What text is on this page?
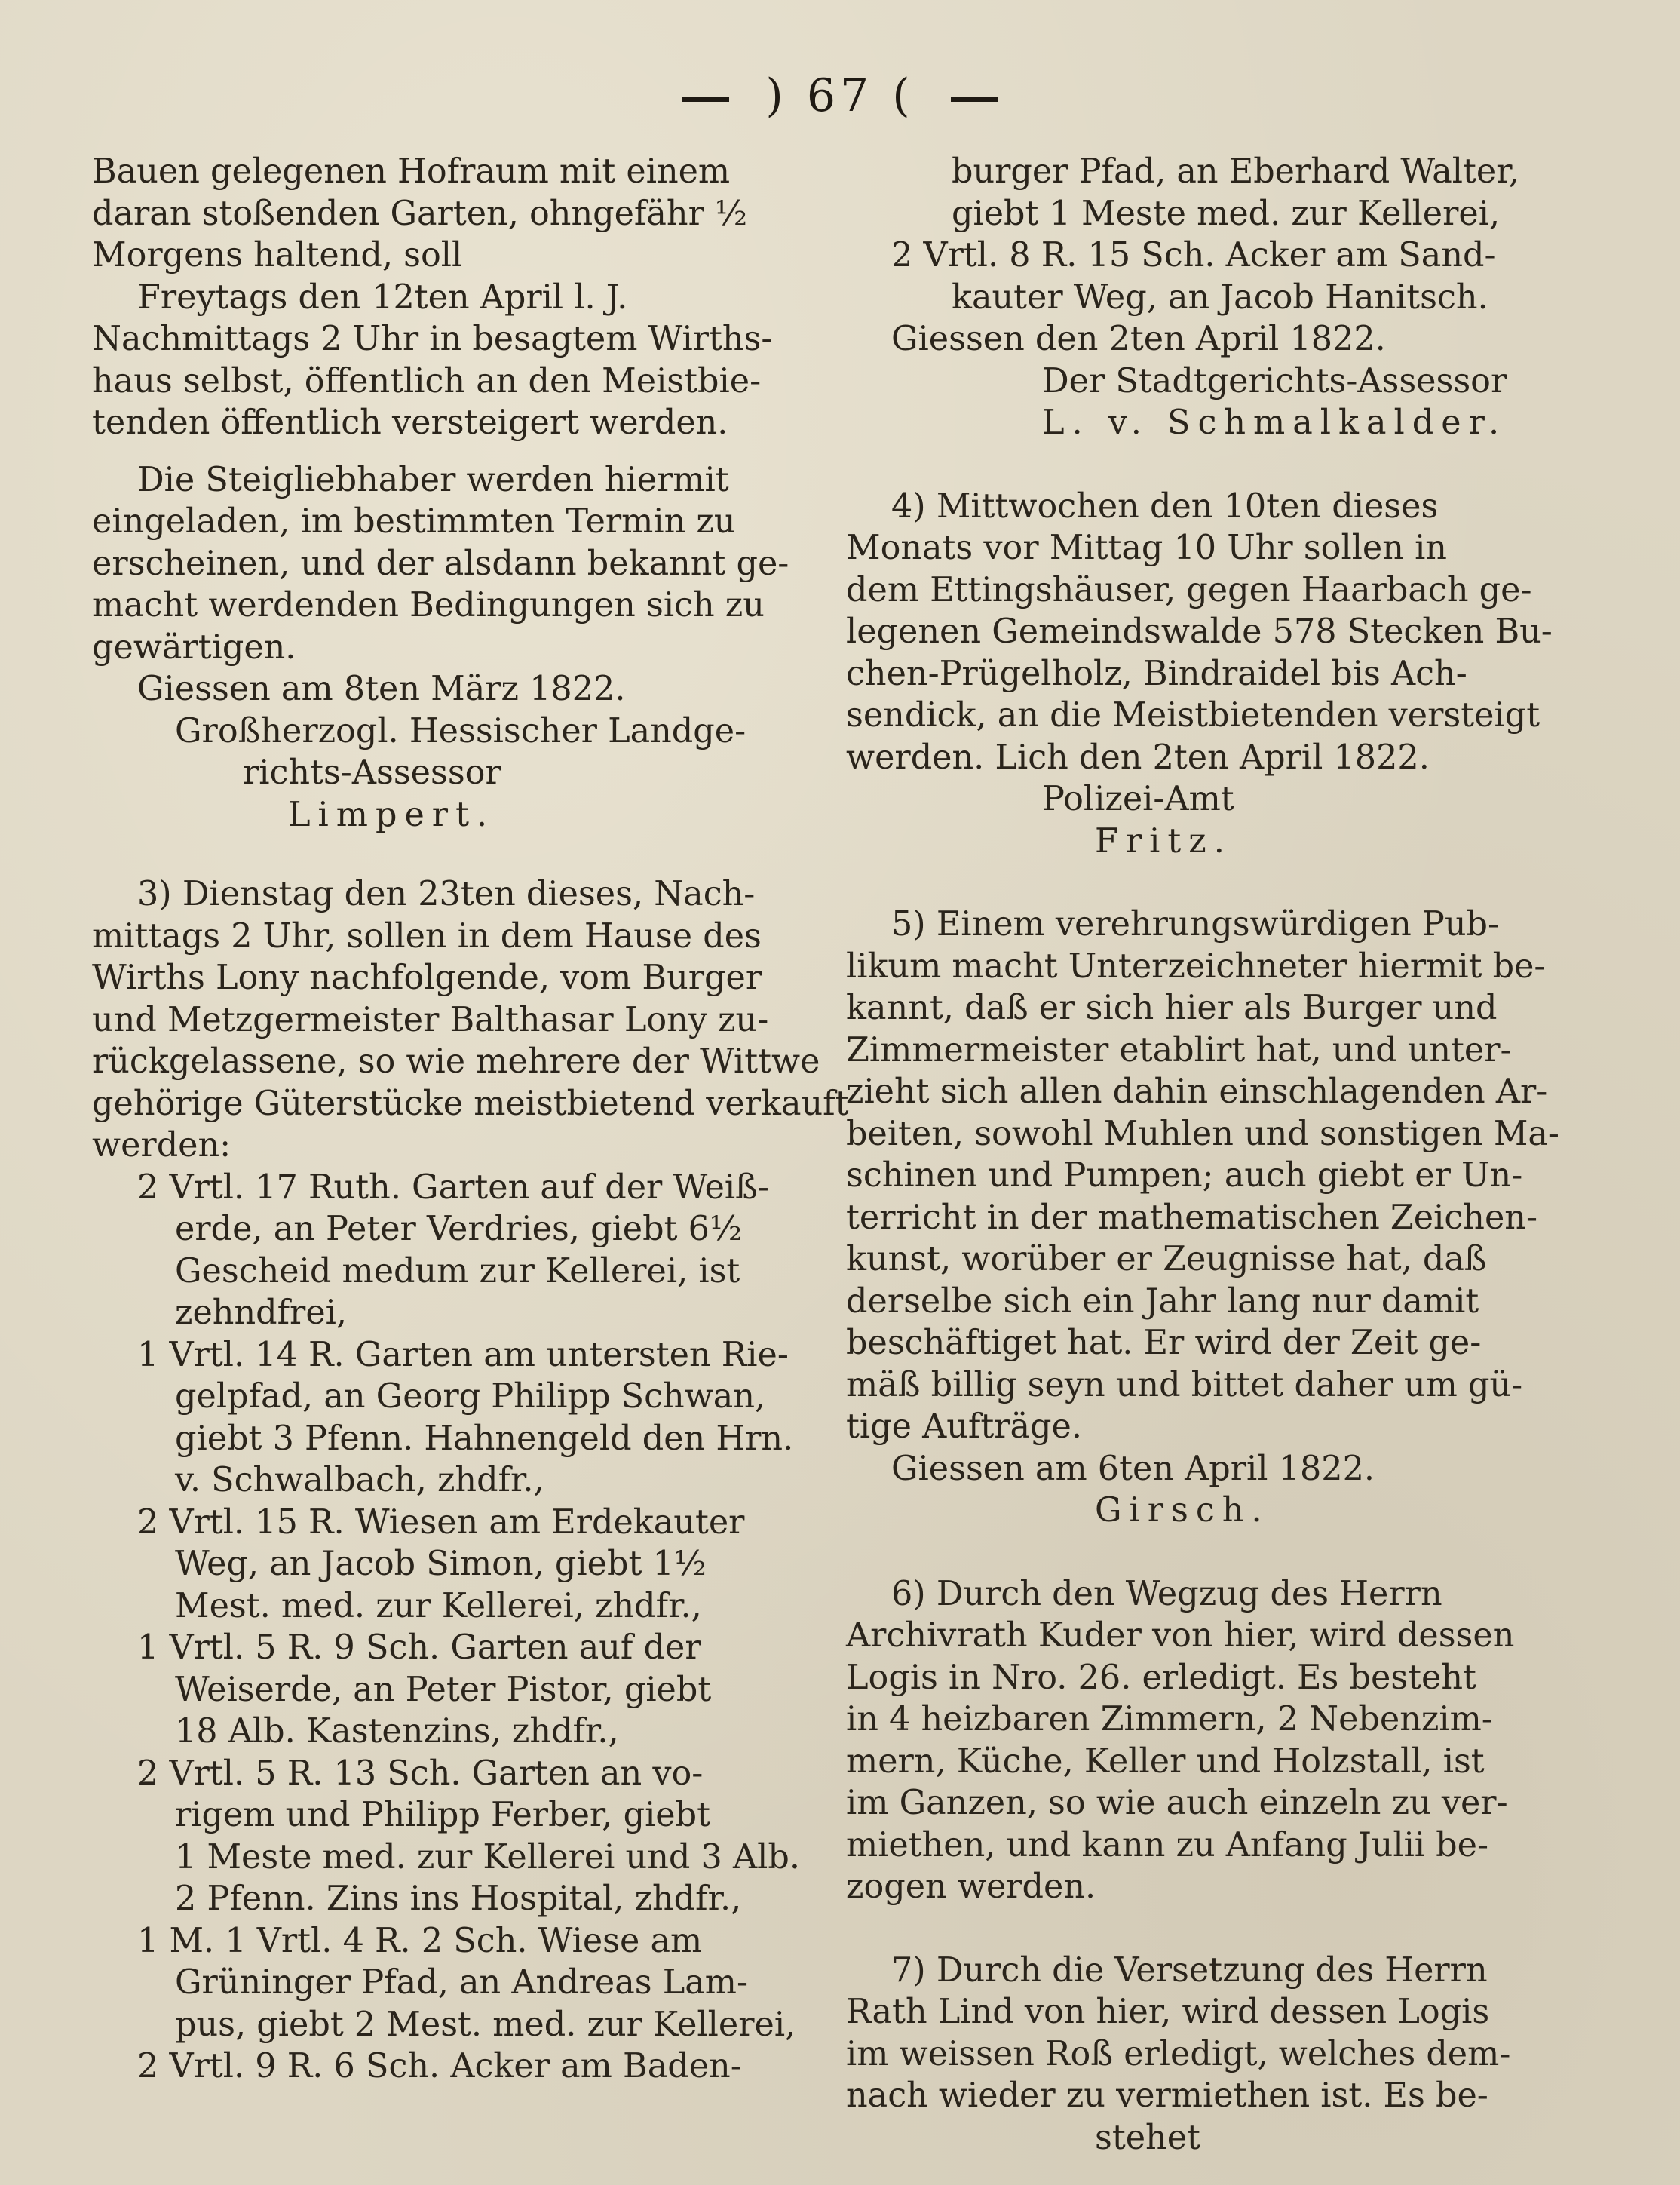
) 67 (
Bauen gelegenen Hofraum mit einem
daran stoßenden Garten, ohngefähr ½
Morgens haltend, soll
Freytags den 12ten April l. J.
Nachmittags 2 Uhr in besagtem Wirths-
haus selbst, öffentlich an den Meistbie-
tenden öffentlich versteigert werden.
Die Steigliebhaber werden hiermit
eingeladen, im bestimmten Termin zu
erscheinen, und der alsdann bekannt ge-
macht werdenden Bedingungen sich zu
gewärtigen.
Giessen am 8ten März 1822.
Großherzogl. Hessischer Landge-
richts-Assessor
Limpert.
3) Dienstag den 23ten dieses, Nach-
mittags 2 Uhr, sollen in dem Hause des
Wirths Lony nachfolgende, vom Burger
und Metzgermeister Balthasar Lony zu-
rückgelassene, so wie mehrere der Wittwe
gehörige Güterstücke meistbietend verkauft
werden:
2 Vrtl. 17 Ruth. Garten auf der Weiß-
erde, an Peter Verdries, giebt 6½
Gescheid medum zur Kellerei, ist
zehndfrei,
1 Vrtl. 14 R. Garten am untersten Rie-
gelpfad, an Georg Philipp Schwan,
giebt 3 Pfenn. Hahnengeld den Hrn.
v. Schwalbach, zhdfr.,
2 Vrtl. 15 R. Wiesen am Erdekauter
Weg, an Jacob Simon, giebt 1½
Mest. med. zur Kellerei, zhdfr.,
1 Vrtl. 5 R. 9 Sch. Garten auf der
Weiserde, an Peter Pistor, giebt
18 Alb. Kastenzins, zhdfr.,
2 Vrtl. 5 R. 13 Sch. Garten an vo-
rigem und Philipp Ferber, giebt
1 Meste med. zur Kellerei und 3 Alb.
2 Pfenn. Zins ins Hospital, zhdfr.,
1 M. 1 Vrtl. 4 R. 2 Sch. Wiese am
Grüninger Pfad, an Andreas Lam-
pus, giebt 2 Mest. med. zur Kellerei,
2 Vrtl. 9 R. 6 Sch. Acker am Baden-
burger Pfad, an Eberhard Walter,
giebt 1 Meste med. zur Kellerei,
2 Vrtl. 8 R. 15 Sch. Acker am Sand-
kauter Weg, an Jacob Hanitsch.
Giessen den 2ten April 1822.
Der Stadtgerichts-Assessor
L. v. Schmalkalder.
4) Mittwochen den 10ten dieses
Monats vor Mittag 10 Uhr sollen in
dem Ettingshäuser, gegen Haarbach ge-
legenen Gemeindswalde 578 Stecken Bu-
chen-Prügelholz, Bindraidel bis Ach-
sendick, an die Meistbietenden versteigt
werden. Lich den 2ten April 1822.
Polizei-Amt
Fritz.
5) Einem verehrungswürdigen Pub-
likum macht Unterzeichneter hiermit be-
kannt, daß er sich hier als Burger und
Zimmermeister etablirt hat, und unter-
zieht sich allen dahin einschlagenden Ar-
beiten, sowohl Muhlen und sonstigen Ma-
schinen und Pumpen; auch giebt er Un-
terricht in der mathematischen Zeichen-
kunst, worüber er Zeugnisse hat, daß
derselbe sich ein Jahr lang nur damit
beschäftiget hat. Er wird der Zeit ge-
mäß billig seyn und bittet daher um gü-
tige Aufträge.
Giessen am 6ten April 1822.
Girsch.
6) Durch den Wegzug des Herrn
Archivrath Kuder von hier, wird dessen
Logis in Nro. 26. erledigt. Es besteht
in 4 heizbaren Zimmern, 2 Nebenzim-
mern, Küche, Keller und Holzstall, ist
im Ganzen, so wie auch einzeln zu ver-
miethen, und kann zu Anfang Julii be-
zogen werden.
7) Durch die Versetzung des Herrn
Rath Lind von hier, wird dessen Logis
im weissen Roß erledigt, welches dem-
nach wieder zu vermiethen ist. Es be-
stehet
